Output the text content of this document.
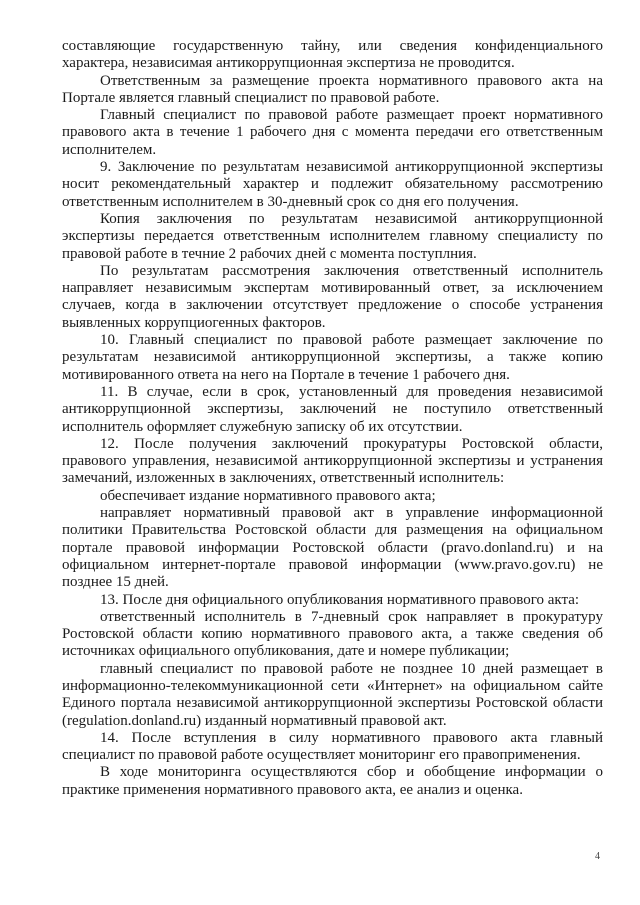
составляющие государственную тайну, или сведения конфиденциального
характера, независимая антикоррупционная экспертиза не проводится.
Ответственным за размещение проекта нормативного правового акта на
Портале является главный специалист по правовой работе.
Главный специалист по правовой работе размещает проект нормативного
правового акта в течение 1 рабочего дня с момента передачи его ответственным
исполнителем.
9. Заключение по результатам независимой антикоррупционной экспертизы
носит рекомендательный характер и подлежит обязательному рассмотрению
ответственным исполнителем в 30-дневный срок со дня его получения.
Копия заключения по результатам независимой антикоррупционной
экспертизы передается ответственным исполнителем главному специалисту по
правовой работе в течние 2 рабочих дней с момента поступлния.
По результатам рассмотрения заключения ответственный исполнитель
направляет независимым экспертам мотивированный ответ, за исключением
случаев, когда в заключении отсутствует предложение о способе устранения
выявленных коррупциогенных факторов.
10. Главный специалист по правовой работе размещает заключение по
результатам независимой антикоррупционной экспертизы, а также копию
мотивированного ответа на него на Портале в течение 1 рабочего дня.
11. В случае, если в срок, установленный для проведения независимой
антикоррупционной экспертизы, заключений не поступило ответственный
исполнитель оформляет служебную записку об их отсутствии.
12. После получения заключений прокуратуры Ростовской области,
правового управления, независимой антикоррупционной экспертизы и устранения
замечаний, изложенных в заключениях, ответственный исполнитель:
обеспечивает издание нормативного правового акта;
направляет нормативный правовой акт в управление информационной
политики Правительства Ростовской области для размещения на официальном
портале правовой информации Ростовской области (pravo.donland.ru) и на
официальном интернет-портале правовой информации (www.pravo.gov.ru) не
позднее 15 дней.
13. После дня официального опубликования нормативного правового акта:
ответственный исполнитель в 7-дневный срок направляет в прокуратуру
Ростовской области копию нормативного правового акта, а также сведения об
источниках официального опубликования, дате и номере публикации;
главный специалист по правовой работе не позднее 10 дней размещает в
информационно-телекоммуникационной сети «Интернет» на официальном сайте
Единого портала независимой антикоррупционной экспертизы Ростовской области
(regulation.donland.ru) изданный нормативный правовой акт.
14. После вступления в силу нормативного правового акта главный
специалист по правовой работе осуществляет мониторинг его правоприменения.
В ходе мониторинга осуществляются сбор и обобщение информации о
практике применения нормативного правового акта, ее анализ и оценка.
4
